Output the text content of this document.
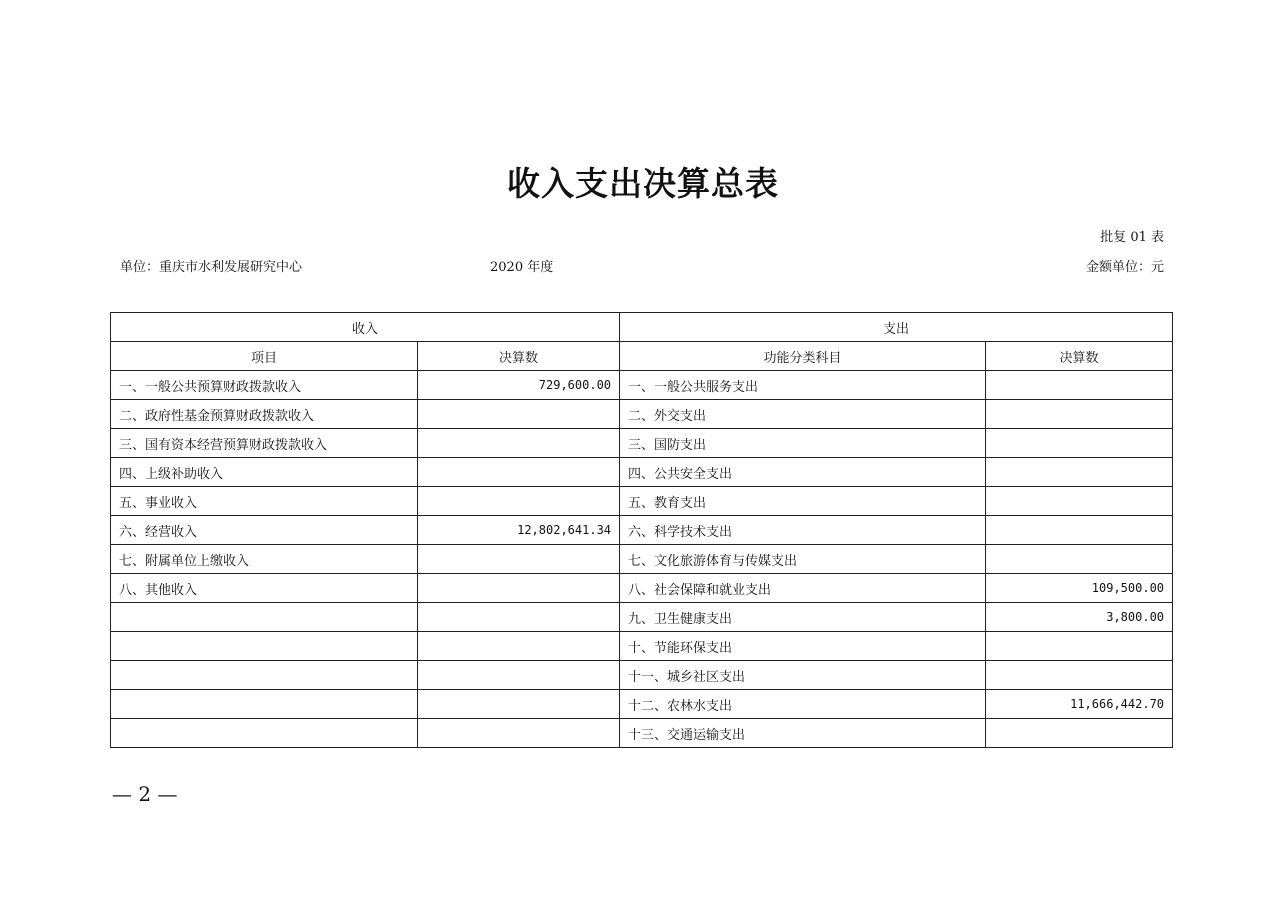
收入支出决算总表
批复 01 表
单位：重庆市水利发展研究中心	2020 年度	金额单位：元
收入		支出	
项目	决算数	功能分类科目	决算数
一、一般公共预算财政拨款收入	729,600.00	一、一般公共服务支出	
二、政府性基金预算财政拨款收入		二、外交支出	
三、国有资本经营预算财政拨款收入		三、国防支出	
四、上级补助收入		四、公共安全支出	
五、事业收入		五、教育支出	
六、经营收入	12,802,641.34	六、科学技术支出	
七、附属单位上缴收入		七、文化旅游体育与传媒支出	
八、其他收入		八、社会保障和就业支出	109,500.00
		九、卫生健康支出	3,800.00
		十、节能环保支出	
		十一、城乡社区支出	
		十二、农林水支出	11,666,442.70
		十三、交通运输支出	
— 2 —
